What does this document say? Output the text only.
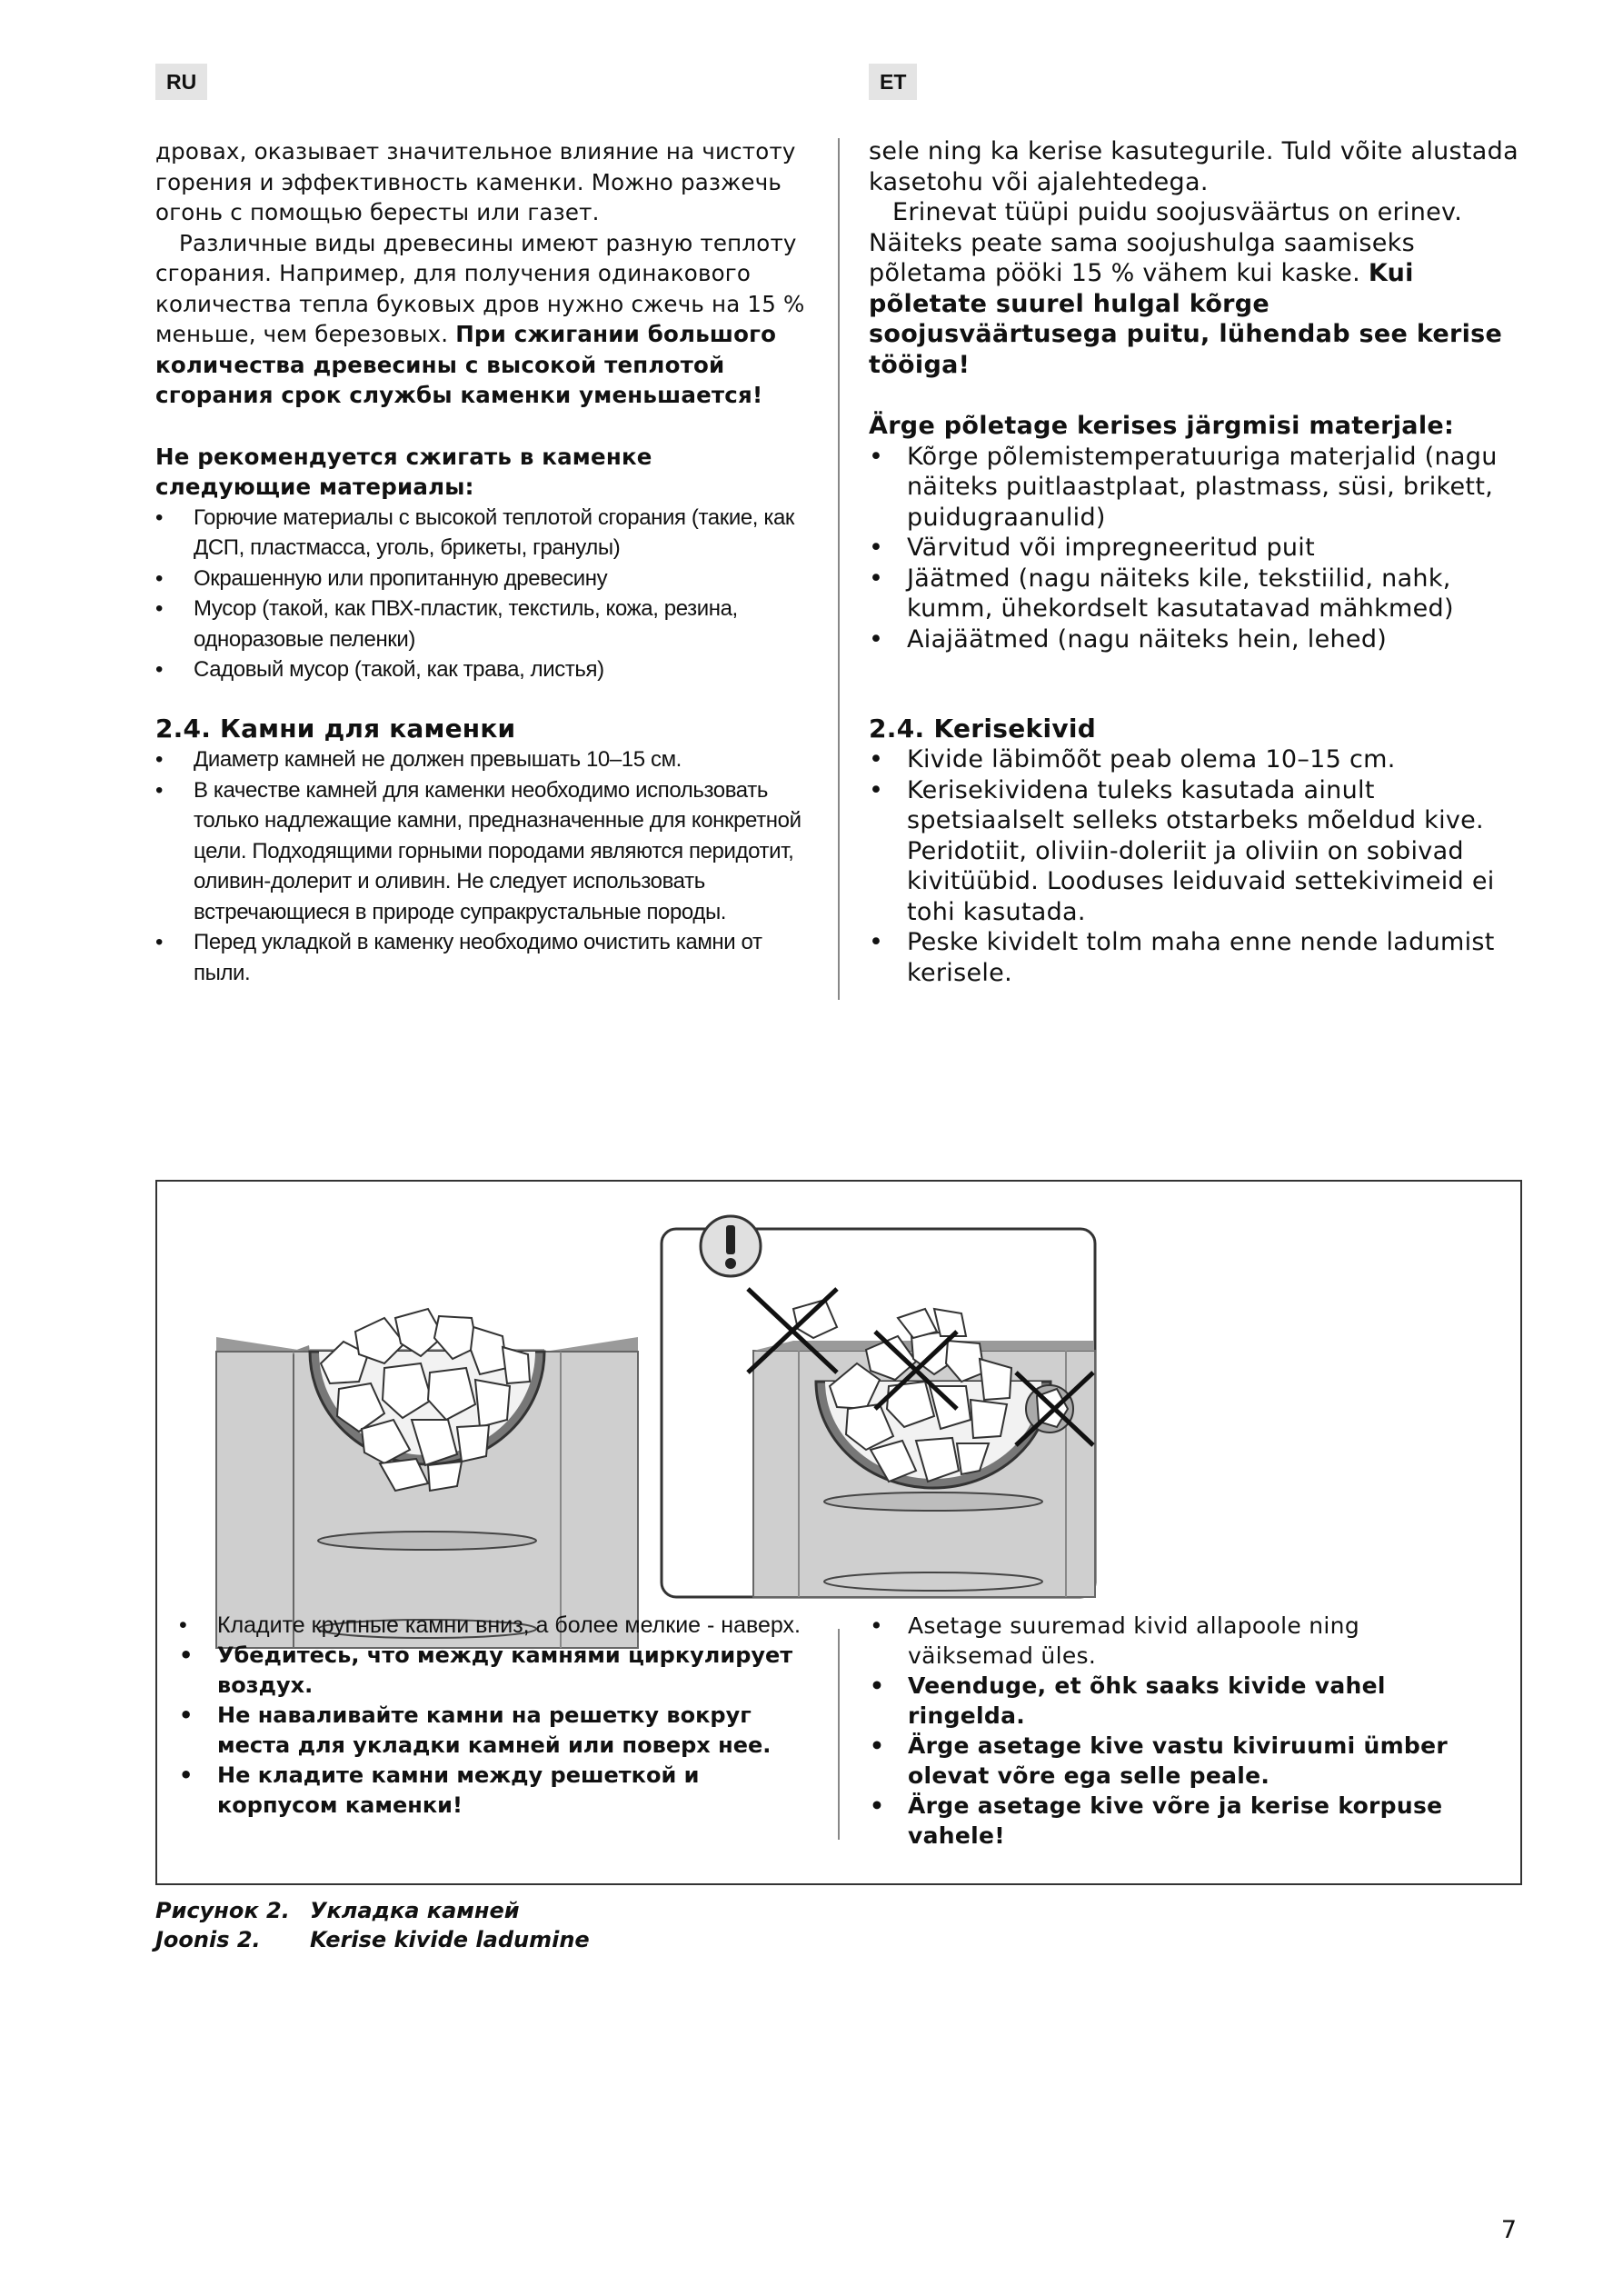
RU	ET

дровах, оказывает значительное влияние на чистоту горения и эффективность каменки. Можно разжечь огонь с помощью бересты или газет.

Различные виды древесины имеют разную теплоту сгорания. Например, для получения одинакового количества тепла буковых дров нужно сжечь на 15 % меньше, чем березовых. При сжигании большого количества древесины с высокой теплотой сгорания срок службы каменки уменьшается!

Не рекомендуется сжигать в каменке следующие материалы:

• Горючие материалы с высокой теплотой сгорания (такие, как ДСП, пластмасса, уголь, брикеты, гранулы)
• Окрашенную или пропитанную древесину
• Мусор (такой, как ПВХ-пластик, текстиль, кожа, резина, одноразовые пеленки)
• Садовый мусор (такой, как трава, листья)

2.4. Камни для каменки

• Диаметр камней не должен превышать 10–15 см.
• В качестве камней для каменки необходимо использовать только надлежащие камни, предназначенные для конкретной цели. Подходящими горными породами являются перидотит, оливин-долерит и оливин. Не следует использовать встречающиеся в природе супракрустальные породы.
• Перед укладкой в каменку необходимо очистить камни от пыли.

sele ning ka kerise kasutegurile. Tuld võite alustada kasetohu või ajalehtedega.

Erinevat tüüpi puidu soojusväärtus on erinev. Näiteks peate sama soojushulga saamiseks põletama pööki 15 % vähem kui kaske. Kui põletate suurel hulgal kõrge soojusväärtusega puitu, lühendab see kerise tööiga!

Ärge põletage kerises järgmisi materjale:

• Kõrge põlemistemperatuuriga materjalid (nagu näiteks puitlaastplaat, plastmass, süsi, brikett, puidugraanulid)
• Värvitud või impregneeritud puit
• Jäätmed (nagu näiteks kile, tekstiilid, nahk, kumm, ühekordselt kasutatavad mähkmed)
• Aiajäätmed (nagu näiteks hein, lehed)

2.4. Kerisekivid

• Kivide läbimõõt peab olema 10–15 cm.
• Kerisekividena tuleks kasutada ainult spetsiaalselt selleks otstarbeks mõeldud kive. Peridotiit, oliviin-doleriit ja oliviin on sobivad kivitüübid. Looduses leiduvaid settekivimeid ei tohi kasutada.
• Peske kividelt tolm maha enne nende ladumist kerisele.
• Кладите крупные камни вниз, а более мелкие - наверх.
• Убедитесь, что между камнями циркулирует воздух.
• Не наваливайте камни на решетку вокруг места для укладки камней или поверх нее.
• Не кладите камни между решеткой и корпусом каменки!
• Asetage suuremad kivid allapoole ning väiksemad üles.
• Veenduge, et õhk saaks kivide vahel ringelda.
• Ärge asetage kive vastu kiviruumi ümber olevat võre ega selle peale.
• Ärge asetage kive võre ja kerise korpuse vahele!
Рисунок 2. Укладка камней
Joonis 2. Kerise kivide ladumine
7
